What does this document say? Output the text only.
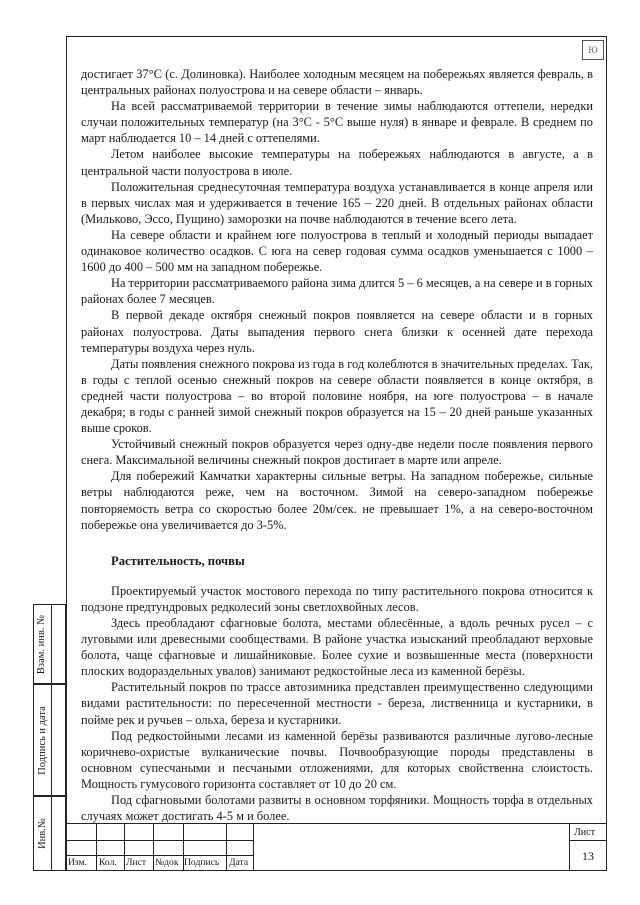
Ю

достигает 37°C (с. Долиновка). Наиболее холодным месяцем на побережьях является февраль, в центральных районах полуострова и на севере области – январь.

На всей рассматриваемой территории в течение зимы наблюдаются оттепели, нередки случаи положительных температур (на 3°C - 5°C выше нуля) в январе и феврале. В среднем по март наблюдается 10 – 14 дней с оттепелями.

Летом наиболее высокие температуры на побережьях наблюдаются в августе, а в центральной части полуострова в июле.

Положительная среднесуточная температура воздуха устанавливается в конце апреля или в первых числах мая и удерживается в течение 165 – 220 дней. В отдельных районах области (Мильково, Эссо, Пущино) заморозки на почве наблюдаются в течение всего лета.

На севере области и крайнем юге полуострова в теплый и холодный периоды выпадает одинаковое количество осадков. С юга на север годовая сумма осадков уменьшается с 1000 – 1600 до 400 – 500 мм на западном побережье.

На территории рассматриваемого района зима длится 5 – 6 месяцев, а на севере и в горных районах более 7 месяцев.

В первой декаде октября снежный покров появляется на севере области и в горных районах полуострова. Даты выпадения первого снега близки к осенней дате перехода температуры воздуха через нуль.

Даты появления снежного покрова из года в год колеблются в значительных пределах. Так, в годы с теплой осенью снежный покров на севере области появляется в конце октября, в средней части полуострова – во второй половине ноября, на юге полуострова – в начале декабря; в годы с ранней зимой снежный покров образуется на 15 – 20 дней раньше указанных выше сроков.

Устойчивый снежный покров образуется через одну-две недели после появления первого снега. Максимальной величины снежный покров достигает в марте или апреле.

Для побережий Камчатки характерны сильные ветры. На западном побережье, сильные ветры наблюдаются реже, чем на восточном. Зимой на северо-западном побережье повторяемость ветра со скоростью более 20м/сек. не превышает 1%, а на северо-восточном побережье она увеличивается до 3-5%.

Растительность, почвы

Проектируемый участок мостового перехода по типу растительного покрова относится к подзоне предтундровых редколесий зоны светлохвойных лесов.

Здесь преобладают сфагновые болота, местами облесённые, а вдоль речных русел – с луговыми или древесными сообществами. В районе участка изысканий преобладают верховые болота, чаще сфагновые и лишайниковые. Более сухие и возвышенные места (поверхности плоских водораздельных увалов) занимают редкостойные леса из каменной берёзы.

Растительный покров по трассе автозимника представлен преимущественно следующими видами растительности: по пересеченной местности - береза, лиственница и кустарники, в пойме рек и ручьев – ольха, береза и кустарники.

Под редкостойными лесами из каменной берёзы развиваются различные лугово-лесные коричнево-охристые вулканические почвы. Почвообразующие породы представлены в основном супесчаными и песчаными отложениями, для которых свойственна слоистость. Мощность гумусового горизонта составляет от 10 до 20 см.

Под сфагновыми болотами развиты в основном торфяники. Мощность торфа в отдельных случаях может достигать 4-5 м и более.

Взам. инв. №
Подпись и дата
Инв.№
Изм. Кол. Лист №док Подпись Дата
Лист
13
